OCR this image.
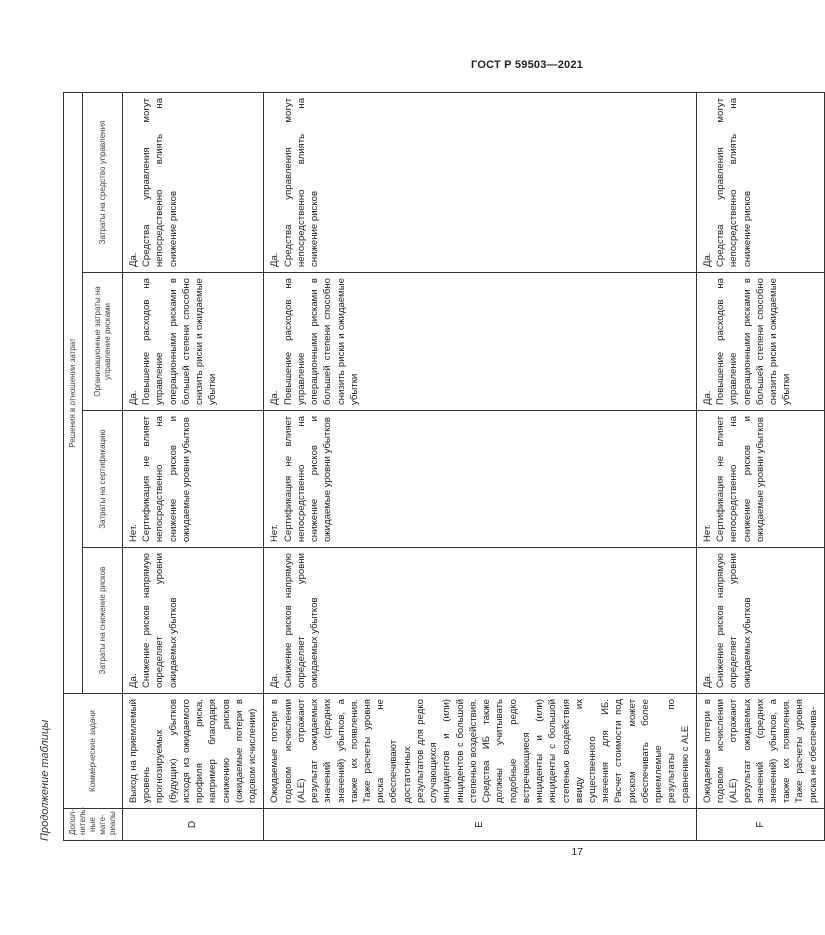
ГОСТ Р 59503—2021
Продолжение таблицы Допол-нитель-ные мате-риалы	Коммерческие задачи	Решения в отношении затрат			
		Затраты на снижение рисков	Затраты на сертификацию	Организационные затраты на управление рисками	Затраты на средство управления
D	Выход на приемлемый уровень прогнозируемых (будущих) убытков исходя из ожидаемого профиля риска, например благодаря снижению рисков (ожидаемые потери в годовом исчислении)	Да. Снижение рисков напрямую определяет уровни ожидаемых убытков	Нет. Сертификация не влияет непосредственно на снижение рисков и ожидаемые уровни убытков	Да. Повышение расходов на управление операционными рисками в большей степени способно снизить риски и ожидаемые убытки	Да. Средства управления могут непосредственно влиять на снижение рисков

E	Ожидаемые потери в годовом исчислении (ALE) отражают результат ожидаемых значений (средних значений) убытков, а также их появления. Таже расчеты уровня риска не обеспечивают достаточных результатов для редко случающихся инцидентов и (или) инцидентов с большой степенью воздействия. Средства ИБ также должны учитывать подобные редко встречающиеся инциденты и (или) инциденты с большой степенью воздействия ввиду их существенного значения для ИБ. Расчет стоимости под риском может обеспечивать более приемлемые результаты по сравнению с ALE	Да. Снижение рисков напрямую определяет уровни ожидаемых убытков	Нет. Сертификация не влияет непосредственно на снижение рисков и ожидаемые уровни убытков	Да. Повышение расходов на управление операционными рисками в большей степени способно снизить риски и ожидаемые убытки	Да. Средства управления могут непосредственно влиять на снижение рисков

F	Ожидаемые потери в годовом исчислении (ALE) отражают результат ожидаемых значений (средних значений) убытков, а также их появления. Таже расчеты уровня риска не обеспечива-	Да. Снижение рисков напрямую определяет уровни ожидаемых убытков	Нет. Сертификация не влияет непосредственно на снижение рисков и ожидаемые уровни убытков	Да. Повышение расходов на управление операционными рисками в большей степени способно снизить риски и ожидаемые убытки	Да. Средства управления могут непосредственно влиять на снижение рисков
17
